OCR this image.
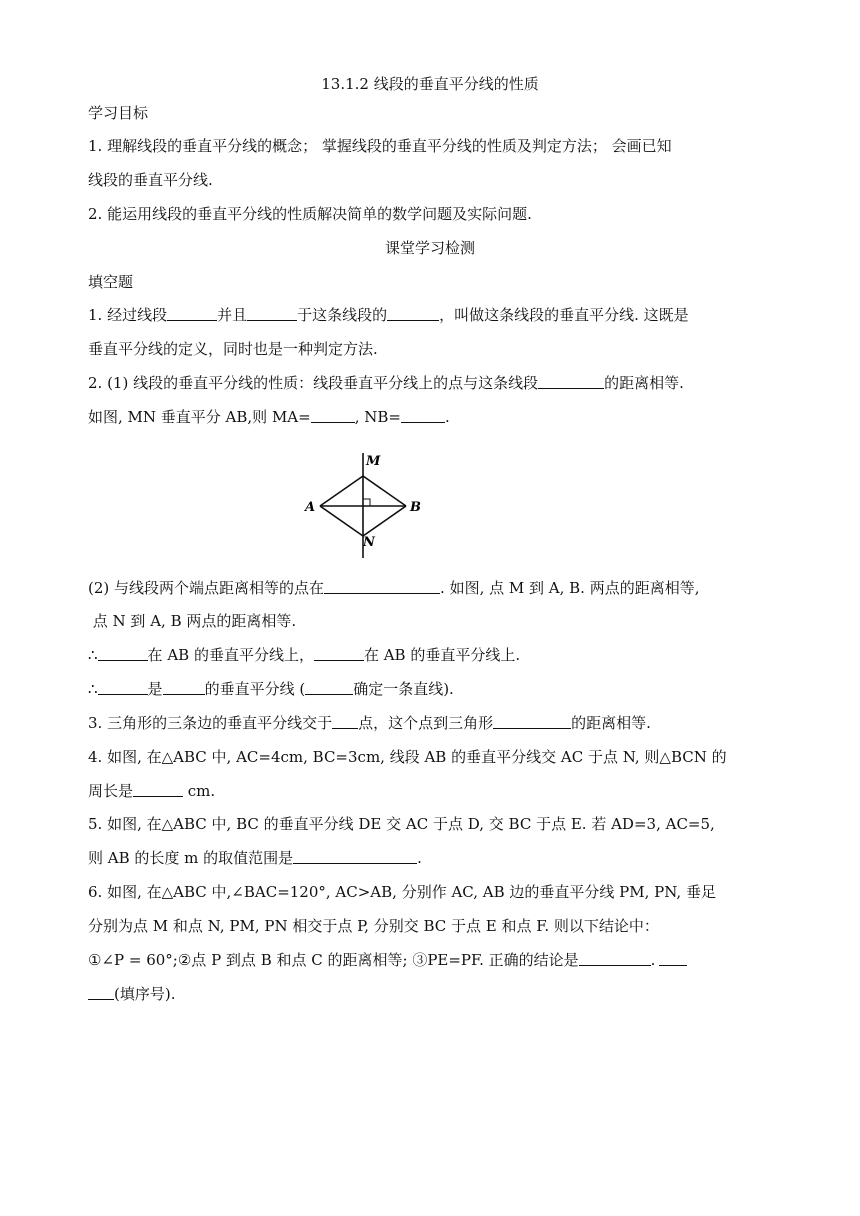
13.1.2 线段的垂直平分线的性质
学习目标
1. 理解线段的垂直平分线的概念； 掌握线段的垂直平分线的性质及判定方法； 会画已知
线段的垂直平分线.
2. 能运用线段的垂直平分线的性质解决简单的数学问题及实际问题.
课堂学习检测
填空题
1. 经过线段	并且	于这条线段的	，叫做这条线段的垂直平分线. 这既是
垂直平分线的定义，同时也是一种判定方法.
2. (1) 线段的垂直平分线的性质：线段垂直平分线上的点与这条线段	的距离相等.
如图, MN 垂直平分 AB,则 MA=	, NB=	.
M
N
A	B
(2) 与线段两个端点距离相等的点在	. 如图, 点 M 到 A, B. 两点的距离相等,
点 N 到 A, B 两点的距离相等.
∴	在 AB 的垂直平分线上，	在 AB 的垂直平分线上.
∴	是	的垂直平分线 (	确定一条直线).
3. 三角形的三条边的垂直平分线交于 点，这个点到三角形	的距离相等.
4. 如图, 在△ABC 中, AC=4cm, BC=3cm, 线段 AB 的垂直平分线交 AC 于点 N, 则△BCN 的
周长是	cm.
5. 如图, 在△ABC 中, BC 的垂直平分线 DE 交 AC 于点 D, 交 BC 于点 E. 若 AD=3, AC=5,
则 AB 的长度 m 的取值范围是	.
6. 如图, 在△ABC 中,∠BAC=120°, AC>AB, 分别作 AC, AB 边的垂直平分线 PM, PN, 垂足
分别为点 M 和点 N, PM, PN 相交于点 P, 分别交 BC 于点 E 和点 F. 则以下结论中：
①∠P = 60°;②点 P 到点 B 和点 C 的距离相等; ③PE=PF. 正确的结论是	.
(填序号).
